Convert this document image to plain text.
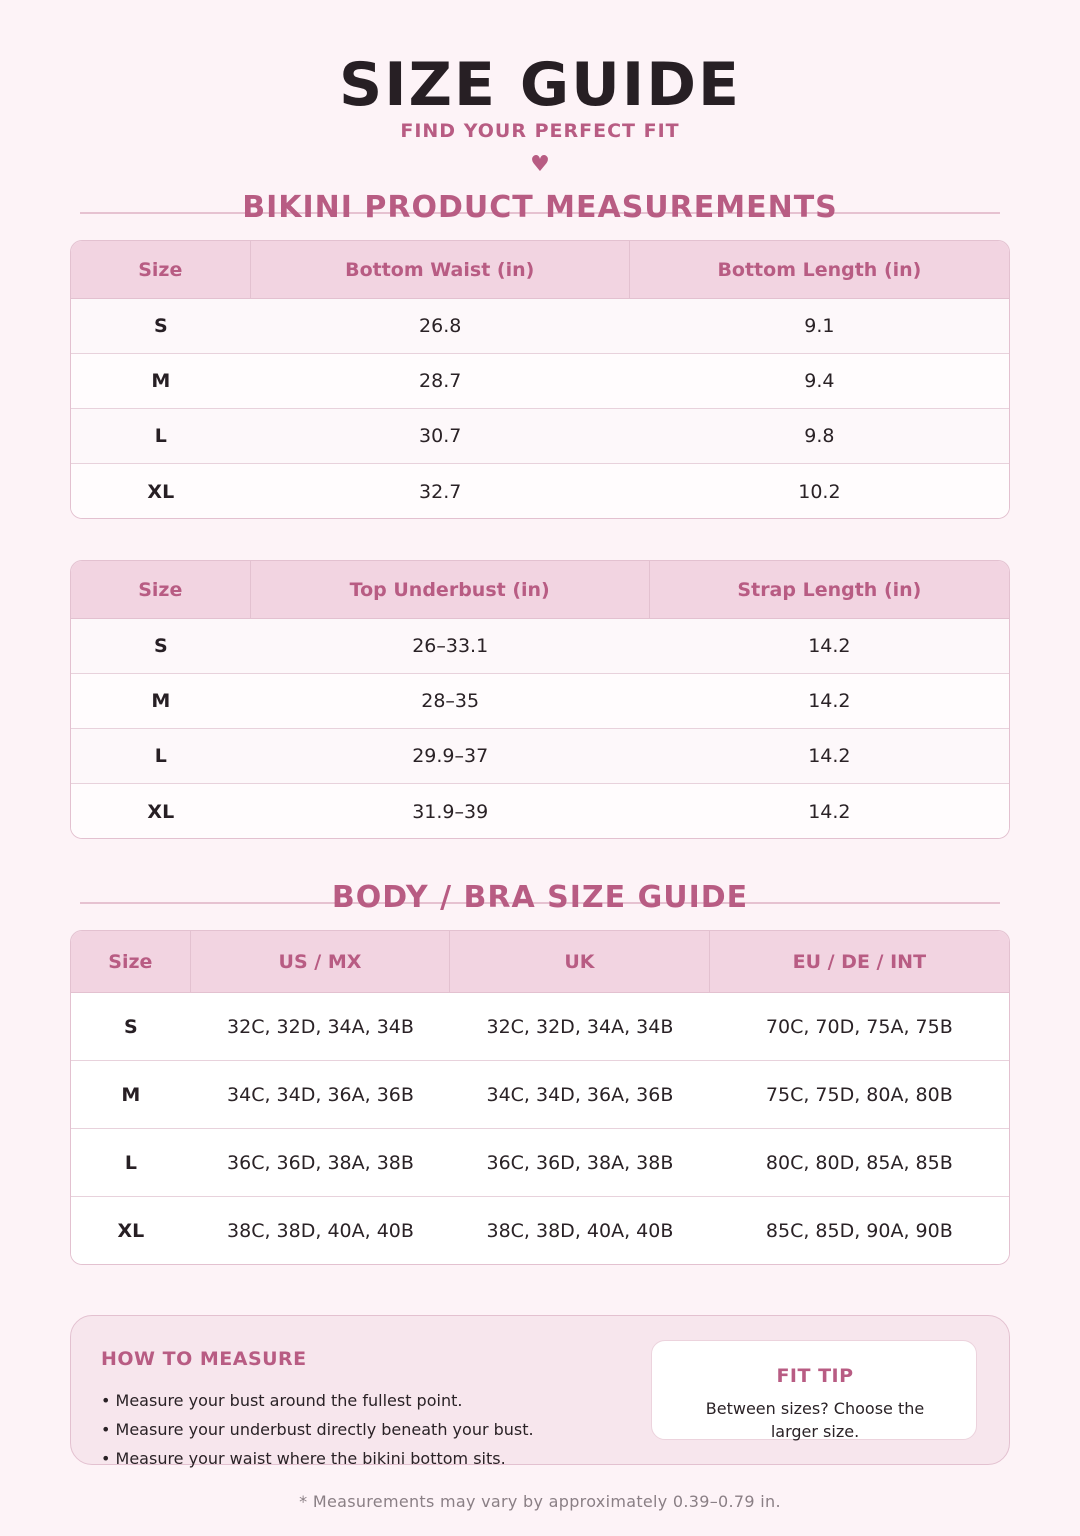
SIZE GUIDE
FIND YOUR PERFECT FIT
♥
BIKINI PRODUCT MEASUREMENTS
Size	Bottom Waist (in)	Bottom Length (in)
S	26.8	9.1
M	28.7	9.4
L	30.7	9.8
XL	32.7	10.2
Size	Top Underbust (in)	Strap Length (in)
S	26–33.1	14.2
M	28–35	14.2
L	29.9–37	14.2
XL	31.9–39	14.2
BODY / BRA SIZE GUIDE
Size	US / MX	UK	EU / DE / INT
S	32C, 32D, 34A, 34B	32C, 32D, 34A, 34B	70C, 70D, 75A, 75B
M	34C, 34D, 36A, 36B	34C, 34D, 36A, 36B	75C, 75D, 80A, 80B
L	36C, 36D, 38A, 38B	36C, 36D, 38A, 38B	80C, 80D, 85A, 85B
XL	38C, 38D, 40A, 40B	38C, 38D, 40A, 40B	85C, 85D, 90A, 90B
HOW TO MEASURE
• Measure your bust around the fullest point.
• Measure your underbust directly beneath your bust.
• Measure your waist where the bikini bottom sits.
FIT TIP
Between sizes? Choose the larger size.
* Measurements may vary by approximately 0.39–0.79 in.
